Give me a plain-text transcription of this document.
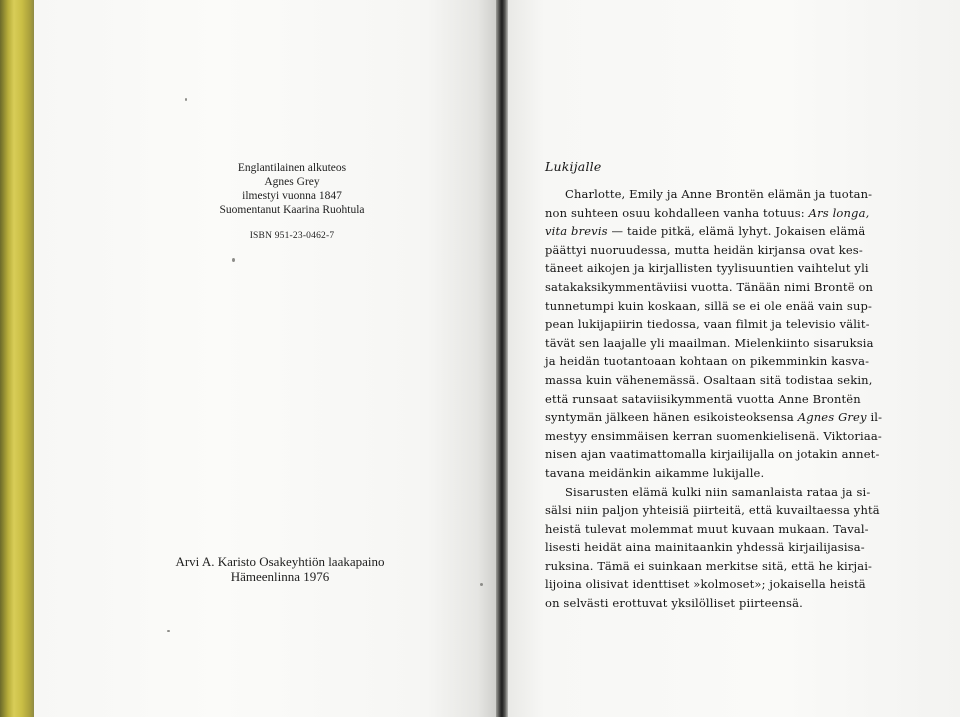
Englantilainen alkuteos
Agnes Grey
ilmestyi vuonna 1847
Suomentanut Kaarina Ruohtula
ISBN 951-23-0462-7
Arvi A. Karisto Osakeyhtiön laakapaino
Hämeenlinna 1976
Lukijalle

Charlotte, Emily ja Anne Brontën elämän ja tuotan-
non suhteen osuu kohdalleen vanha totuus: Ars longa,
vita brevis — taide pitkä, elämä lyhyt. Jokaisen elämä
päättyi nuoruudessa, mutta heidän kirjansa ovat kes-
täneet aikojen ja kirjallisten tyylisuuntien vaihtelut yli
satakaksikymmentäviisi vuotta. Tänään nimi Brontë on
tunnetumpi kuin koskaan, sillä se ei ole enää vain sup-
pean lukijapiirin tiedossa, vaan filmit ja televisio välit-
tävät sen laajalle yli maailman. Mielenkiinto sisaruksia
ja heidän tuotantoaan kohtaan on pikemminkin kasva-
massa kuin vähenemässä. Osaltaan sitä todistaa sekin,
että runsaat sataviisikymmentä vuotta Anne Brontën
syntymän jälkeen hänen esikoisteoksensa Agnes Grey il-
mestyy ensimmäisen kerran suomenkielisenä. Viktoriaa-
nisen ajan vaatimattomalla kirjailijalla on jotakin annet-
tavana meidänkin aikamme lukijalle.

Sisarusten elämä kulki niin samanlaista rataa ja si-
sälsi niin paljon yhteisiä piirteitä, että kuvailtaessa yhtä
heistä tulevat molemmat muut kuvaan mukaan. Taval-
lisesti heidät aina mainitaankin yhdessä kirjailijasisa-
ruksina. Tämä ei suinkaan merkitse sitä, että he kirjai-
lijoina olisivat identtiset »kolmoset»; jokaisella heistä
on selvästi erottuvat yksilölliset piirteensä.
